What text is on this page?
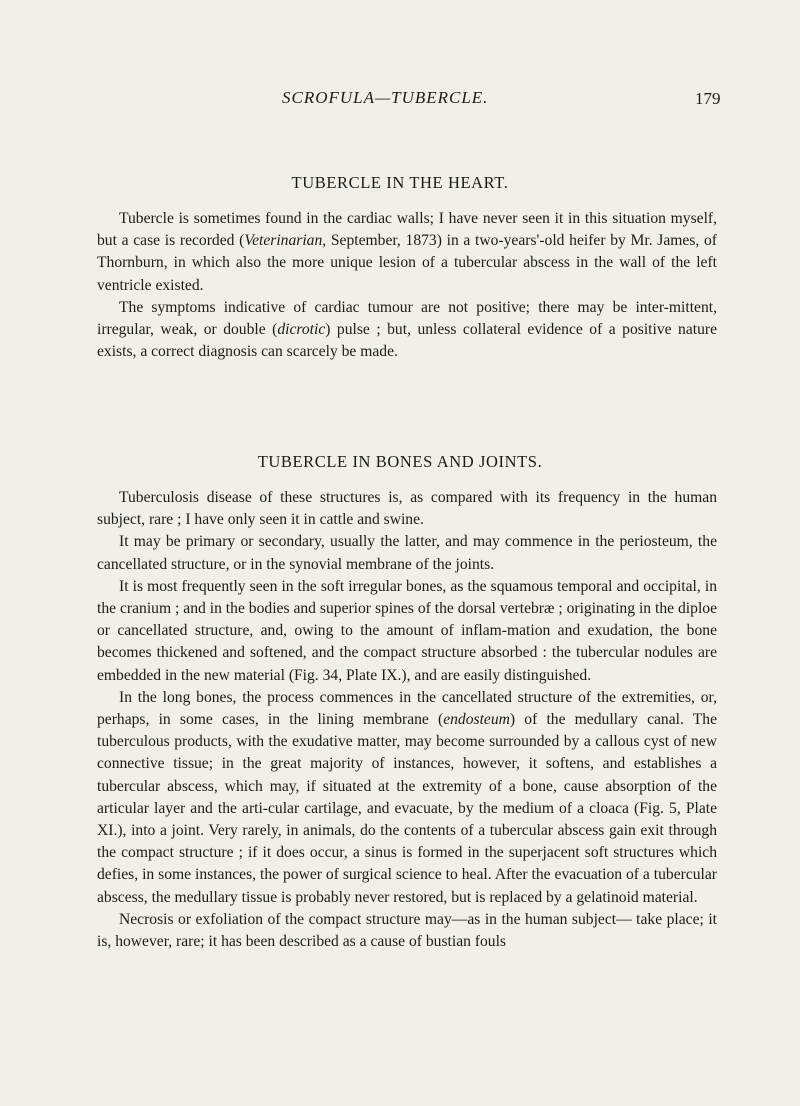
SCROFULA—TUBERCLE.	179
TUBERCLE IN THE HEART.

Tubercle is sometimes found in the cardiac walls; I have never seen it in this situation myself, but a case is recorded (Veterinarian, September, 1873) in a two-years'-old heifer by Mr. James, of Thornburn, in which also the more unique lesion of a tubercular abscess in the wall of the left ventricle existed.

The symptoms indicative of cardiac tumour are not positive; there may be inter-mittent, irregular, weak, or double (dicrotic) pulse ; but, unless collateral evidence of a positive nature exists, a correct diagnosis can scarcely be made.

TUBERCLE IN BONES AND JOINTS.

Tuberculosis disease of these structures is, as compared with its frequency in the human subject, rare ; I have only seen it in cattle and swine.

It may be primary or secondary, usually the latter, and may commence in the periosteum, the cancellated structure, or in the synovial membrane of the joints.

It is most frequently seen in the soft irregular bones, as the squamous temporal and occipital, in the cranium ; and in the bodies and superior spines of the dorsal vertebræ ; originating in the diploe or cancellated structure, and, owing to the amount of inflam-mation and exudation, the bone becomes thickened and softened, and the compact structure absorbed : the tubercular nodules are embedded in the new material (Fig. 34, Plate IX.), and are easily distinguished.

In the long bones, the process commences in the cancellated structure of the extremities, or, perhaps, in some cases, in the lining membrane (endosteum) of the medullary canal. The tuberculous products, with the exudative matter, may become surrounded by a callous cyst of new connective tissue; in the great majority of instances, however, it softens, and establishes a tubercular abscess, which may, if situated at the extremity of a bone, cause absorption of the articular layer and the arti-cular cartilage, and evacuate, by the medium of a cloaca (Fig. 5, Plate XI.), into a joint. Very rarely, in animals, do the contents of a tubercular abscess gain exit through the compact structure ; if it does occur, a sinus is formed in the superjacent soft structures which defies, in some instances, the power of surgical science to heal. After the evacuation of a tubercular abscess, the medullary tissue is probably never restored, but is replaced by a gelatinoid material.

Necrosis or exfoliation of the compact structure may—as in the human subject— take place; it is, however, rare; it has been described as a cause of bustian fouls
